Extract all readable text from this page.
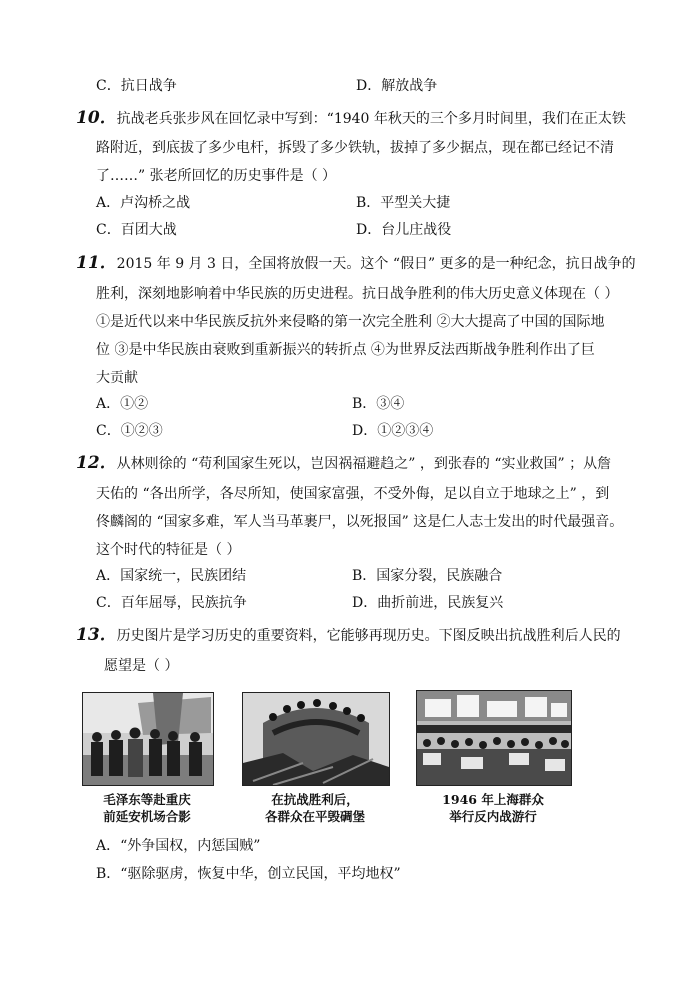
C．抗日战争	D．解放战争
10．抗战老兵张步风在回忆录中写到：“1940 年秋天的三个多月时间里，我们在正太铁
路附近，到底拔了多少电杆，拆毁了多少铁轨，拔掉了多少据点，现在都已经记不清
了……” 张老所回忆的历史事件是（ ）
A．卢沟桥之战	B．平型关大捷
C．百团大战	D．台儿庄战役
11．2015 年 9 月 3 日，全国将放假一天。这个 “假日” 更多的是一种纪念，抗日战争的
胜利，深刻地影响着中华民族的历史进程。抗日战争胜利的伟大历史意义体现在（ ）
①是近代以来中华民族反抗外来侵略的第一次完全胜利 ②大大提高了中国的国际地
位 ③是中华民族由衰败到重新振兴的转折点 ④为世界反法西斯战争胜利作出了巨
大贡献
A．①②	B．③④
C．①②③	D．①②③④
12．从林则徐的 “苟利国家生死以，岂因祸福避趋之” ，到张春的 “实业救国” ；从詹
天佑的 “各出所学，各尽所知，使国家富强，不受外侮，足以自立于地球之上” ，到
佟麟阁的 “国家多难，军人当马革裹尸，以死报国” 这是仁人志士发出的时代最强音。
这个时代的特征是（ ）
A．国家统一，民族团结	B．国家分裂，民族融合
C．百年屈辱，民族抗争	D．曲折前进，民族复兴
13．历史图片是学习历史的重要资料，它能够再现历史。下图反映出抗战胜利后人民的
愿望是（ ）
毛泽东等赴重庆
前延安机场合影
在抗战胜利后，
各群众在平毁碉堡
1946 年上海群众
举行反内战游行
A．“外争国权，内惩国贼”
B．“驱除驱虏，恢复中华，创立民国，平均地权”
